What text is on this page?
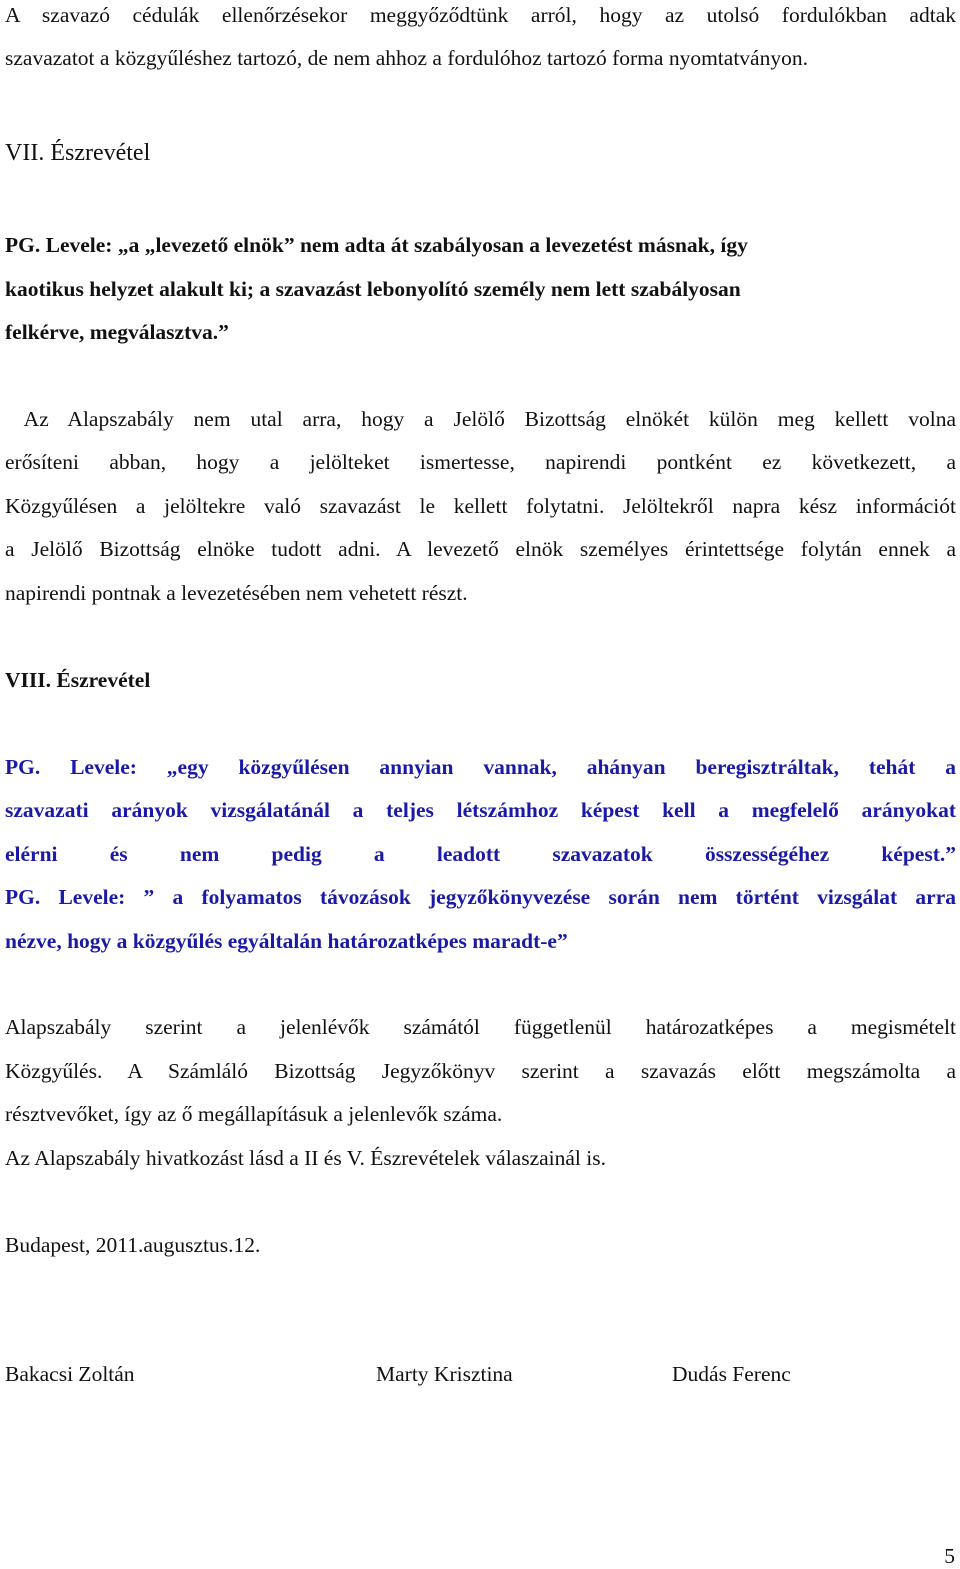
A szavazó cédulák ellenőrzésekor meggyőződtünk arról, hogy az utolsó fordulókban adtak
szavazatot a közgyűléshez tartozó, de nem ahhoz a fordulóhoz tartozó forma nyomtatványon.
VII. Észrevétel
PG. Levele: „a „levezető elnök” nem adta át szabályosan a levezetést másnak, így
kaotikus helyzet alakult ki; a szavazást lebonyolító személy nem lett szabályosan
felkérve, megválasztva.”
Az Alapszabály nem utal arra, hogy a Jelölő Bizottság elnökét külön meg kellett volna
erősíteni abban, hogy a jelölteket ismertesse, napirendi pontként ez következett, a
Közgyűlésen a jelöltekre való szavazást le kellett folytatni. Jelöltekről napra kész információt
a Jelölő Bizottság elnöke tudott adni. A levezető elnök személyes érintettsége folytán ennek a
napirendi pontnak a levezetésében nem vehetett részt.
VIII. Észrevétel
PG. Levele: „egy közgyűlésen annyian vannak, ahányan beregisztráltak, tehát a
szavazati arányok vizsgálatánál a teljes létszámhoz képest kell a megfelelő arányokat
elérni és nem pedig a leadott szavazatok összességéhez képest.”
PG. Levele: ” a folyamatos távozások jegyzőkönyvezése során nem történt vizsgálat arra
nézve, hogy a közgyűlés egyáltalán határozatképes maradt-e”
Alapszabály szerint a jelenlévők számától függetlenül határozatképes a megismételt
Közgyűlés. A Számláló Bizottság Jegyzőkönyv szerint a szavazás előtt megszámolta a
résztvevőket, így az ő megállapításuk a jelenlevők száma.
Az Alapszabály hivatkozást lásd a II és V. Észrevételek válaszainál is.
Budapest, 2011.augusztus.12.
Bakacsi Zoltán	Marty Krisztina	Dudás Ferenc
5
